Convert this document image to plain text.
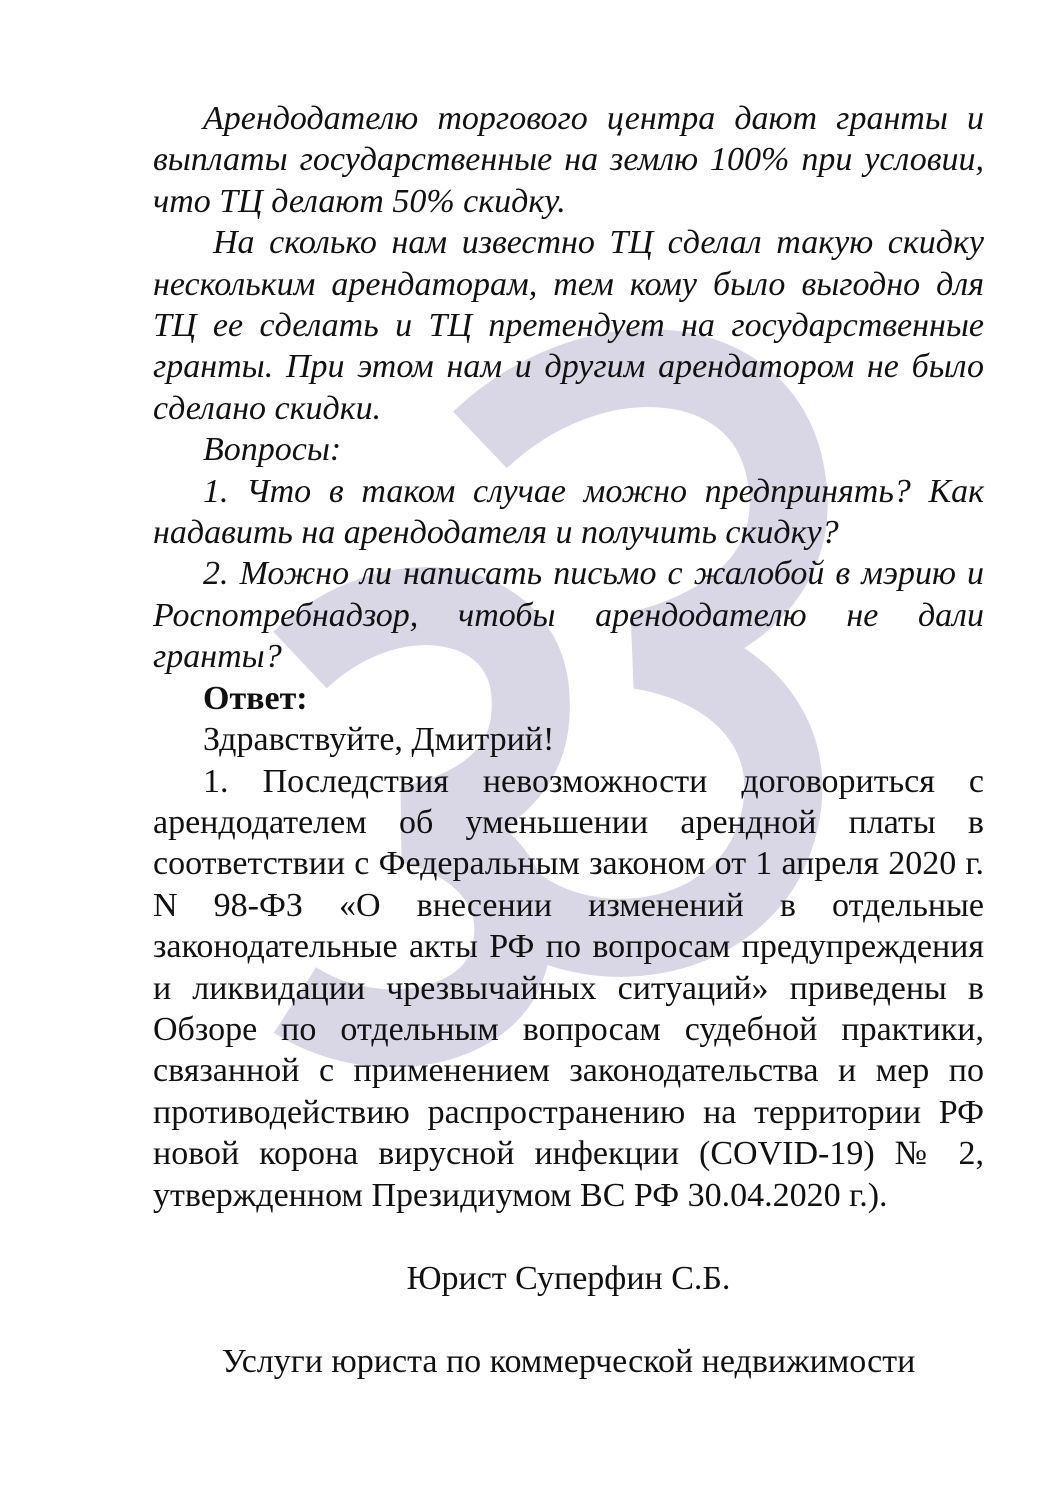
Арендодателю торгового центра дают гранты и выплаты государственные на землю 100% при условии, что ТЦ делают 50% скидку.

На сколько нам известно ТЦ сделал такую скидку нескольким арендаторам, тем кому было выгодно для ТЦ ее сделать и ТЦ претендует на государственные гранты. При этом нам и другим арендатором не было сделано скидки.

Вопросы:

1. Что в таком случае можно предпринять? Как надавить на арендодателя и получить скидку?

2. Можно ли написать письмо с жалобой в мэрию и Роспотребнадзор, чтобы арендодателю не дали гранты?

Ответ:

Здравствуйте, Дмитрий!

1. Последствия невозможности договориться с арендодателем об уменьшении арендной платы в соответствии с Федеральным законом от 1 апреля 2020 г. N 98-ФЗ «О внесении изменений в отдельные законодательные акты РФ по вопросам предупреждения и ликвидации чрезвычайных ситуаций» приведены в Обзоре по отдельным вопросам судебной практики, связанной с применением законодательства и мер по противодействию распространению на территории РФ новой корона вирусной инфекции (COVID-19) № 2, утвержденном Президиумом ВС РФ 30.04.2020 г.).

Юрист Суперфин С.Б.

Услуги юриста по коммерческой недвижимости
